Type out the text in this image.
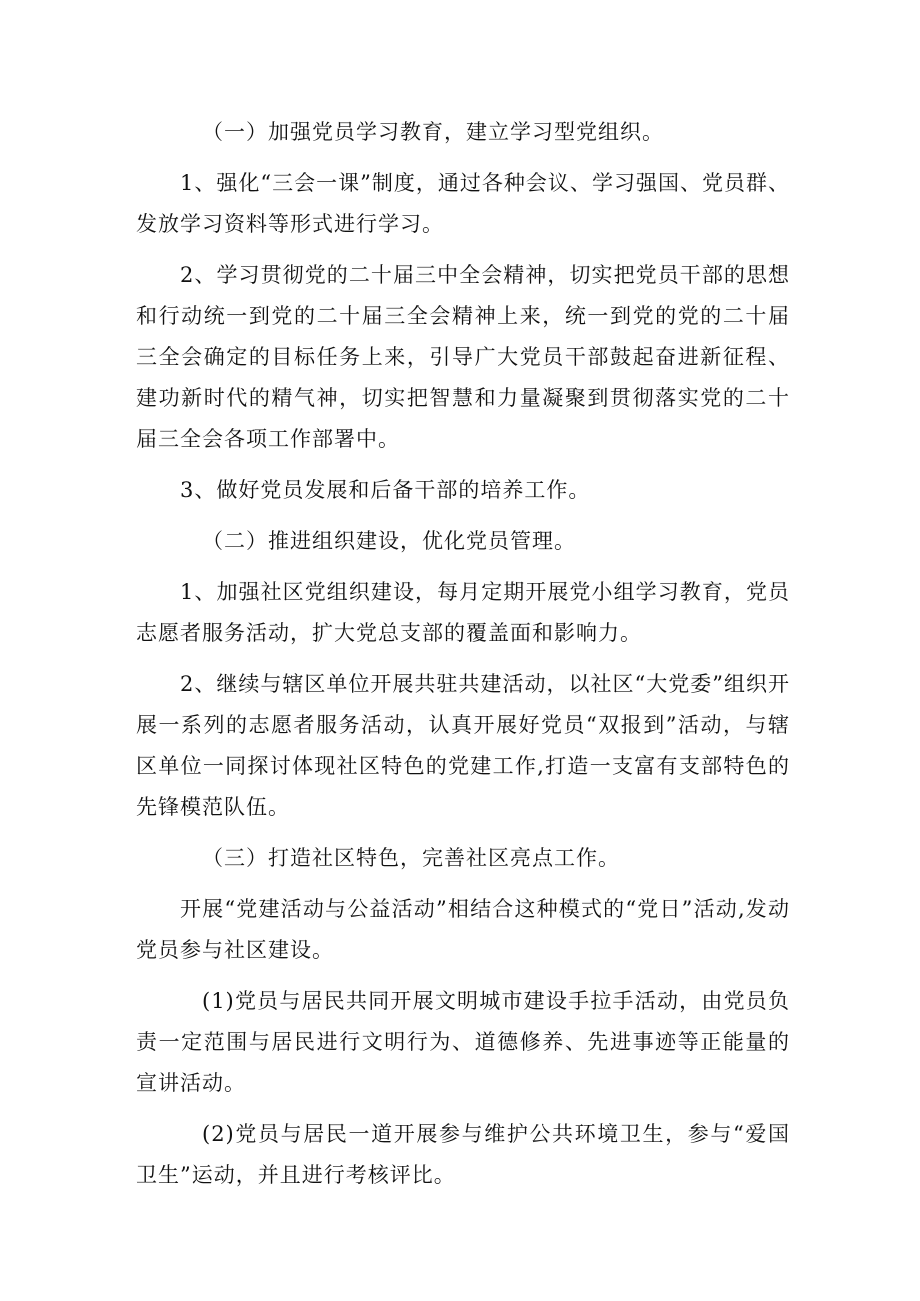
（一）加强党员学习教育，建立学习型党组织。

1、强化“三会一课”制度，通过各种会议、学习强国、党员群、发放学习资料等形式进行学习。

2、学习贯彻党的二十届三中全会精神，切实把党员干部的思想和行动统一到党的二十届三全会精神上来，统一到党的党的二十届三全会确定的目标任务上来，引导广大党员干部鼓起奋进新征程、建功新时代的精气神，切实把智慧和力量凝聚到贯彻落实党的二十届三全会各项工作部署中。

3、做好党员发展和后备干部的培养工作。

（二）推进组织建设，优化党员管理。

1、加强社区党组织建设，每月定期开展党小组学习教育，党员志愿者服务活动，扩大党总支部的覆盖面和影响力。

2、继续与辖区单位开展共驻共建活动，以社区“大党委”组织开展一系列的志愿者服务活动，认真开展好党员“双报到”活动，与辖区单位一同探讨体现社区特色的党建工作,打造一支富有支部特色的先锋模范队伍。

（三）打造社区特色，完善社区亮点工作。

开展“党建活动与公益活动”相结合这种模式的“党日”活动,发动党员参与社区建设。

(1)党员与居民共同开展文明城市建设手拉手活动，由党员负责一定范围与居民进行文明行为、道德修养、先进事迹等正能量的宣讲活动。

(2)党员与居民一道开展参与维护公共环境卫生，参与“爱国卫生”运动，并且进行考核评比。
